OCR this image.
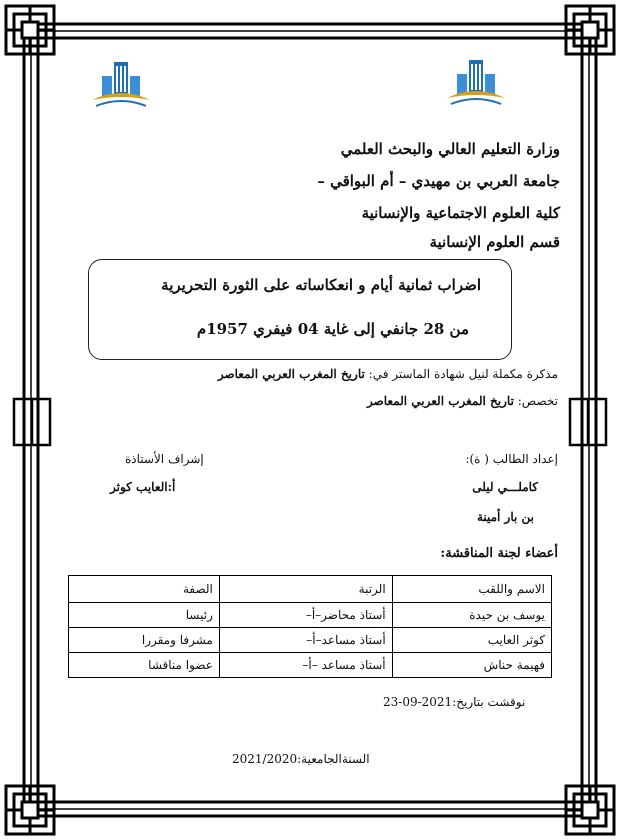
وزارة التعليم العالي والبحث العلمي
جامعة العربي بن مهيدي – أم البواقي –
كلية العلوم الاجتماعية والإنسانية
قسم العلوم الإنسانية
اضراب ثمانية أيام و انعكاساته على الثورة التحريرية
من 28 جانفي إلى غاية 04 فيفري 1957م
مذكرة مكملة لنيل شهادة الماستر في: تاريخ المغرب العربي المعاصر
تخصص: تاريخ المغرب العربي المعاصر
إعداد الطالب ( ة):
إشراف الأستاذة
كاملـــي ليلى
أ:العايب كوثر
بن بار أمينة
أعضاء لجنة المناقشة:
الاسم واللقب	الرتبة	الصفة
يوسف بن حيدة	أستاذ محاضر–أ–	رئيسا
كوثر العايب	أستاذ مساعد–أ–	مشرفا ومقررا
فهيمة حناش	أستاذ مساعد –أ–	عضوا مناقشا
نوقشت بتاريخ:23-09-2021
السنةالجامعية:2021/2020
